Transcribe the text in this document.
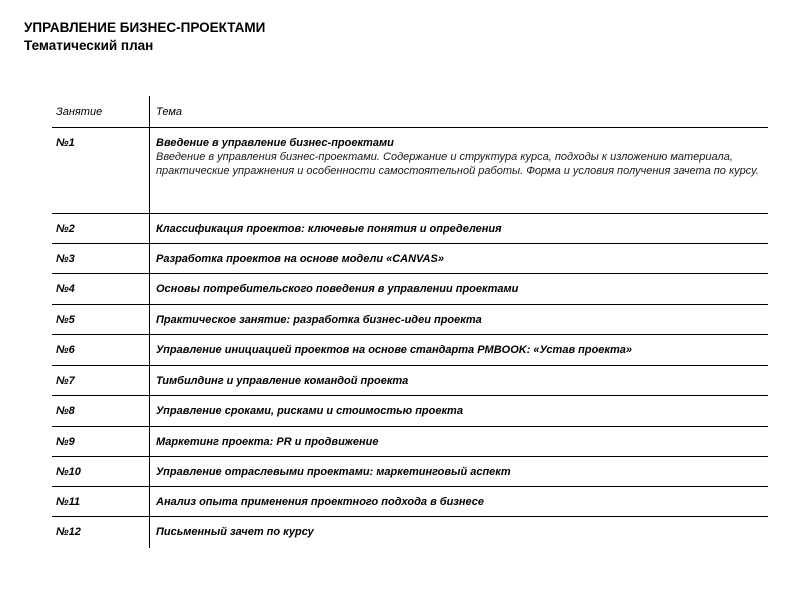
УПРАВЛЕНИЕ БИЗНЕС-ПРОЕКТАМИ
Тематический план
Занятие	Тема
№1	Введение в управление бизнес-проектами
Введение в управления бизнес-проектами. Содержание и структура курса, подходы к изложению материала, практические упражнения и особенности самостоятельной работы. Форма и условия получения зачета по курсу.
№2	Классификация проектов: ключевые понятия и определения
№3	Разработка проектов на основе модели «CANVAS»
№4	Основы потребительского поведения в управлении проектами
№5	Практическое занятие: разработка бизнес-идеи проекта
№6	Управление инициацией проектов на основе стандарта PMBOOK: «Устав проекта»
№7	Тимбилдинг и управление командой проекта
№8	Управление сроками, рисками и стоимостью проекта
№9	Маркетинг проекта: PR и продвижение
№10	Управление отраслевыми проектами: маркетинговый аспект
№11	Анализ опыта применения проектного подхода в бизнесе
№12	Письменный зачет по курсу
